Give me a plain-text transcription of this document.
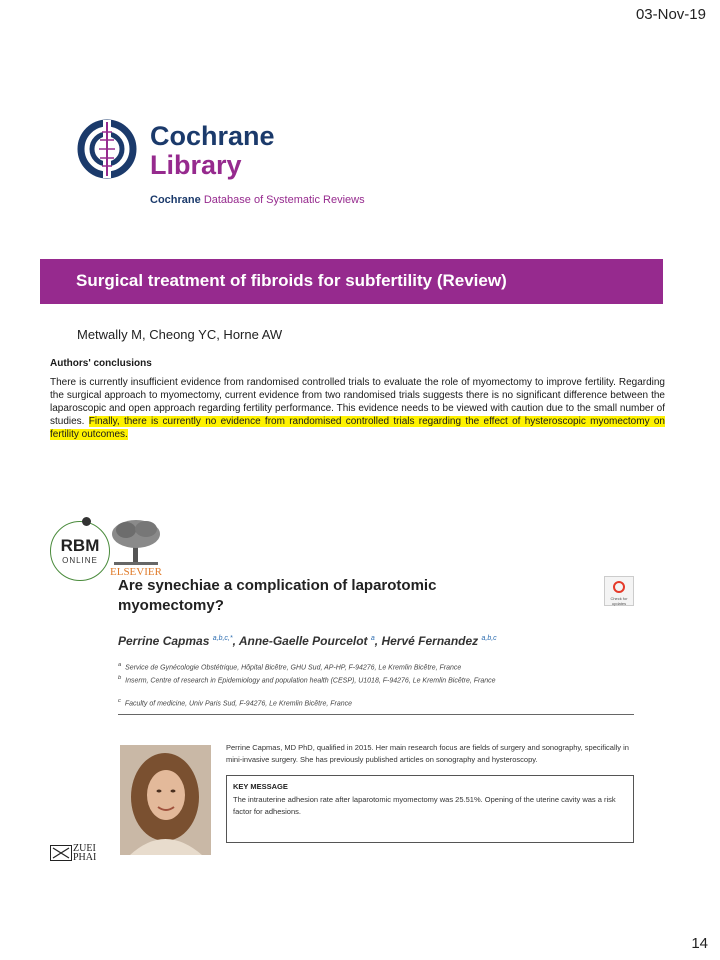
03-Nov-19
Cochrane
Library
Cochrane Database of Systematic Reviews
Surgical treatment of fibroids for subfertility (Review)
Metwally M, Cheong YC, Horne AW
Authors' conclusions
There is currently insufficient evidence from randomised controlled trials to evaluate the role of myomectomy to improve fertility. Regarding the surgical approach to myomectomy, current evidence from two randomised trials suggests there is no significant difference between the laparoscopic and open approach regarding fertility performance. This evidence needs to be viewed with caution due to the small number of studies. Finally, there is currently no evidence from randomised controlled trials regarding the effect of hysteroscopic myomectomy on fertility outcomes.
RBM
ONLINE
ELSEVIER
Are synechiae a complication of laparotomic
myomectomy?	Check for updates
Perrine Capmas $^{a,b,c,*}$, Anne-Gaelle Pourcelot $^a$, Hervé Fernandez $^{a,b,c}$
$^a$ Service de Gynécologie Obstétrique, Hôpital Bicêtre, GHU Sud, AP-HP, F-94276, Le Kremlin Bicêtre, France
$^b$ Inserm, Centre of research in Epidemiology and population health (CESP), U1018, F-94276, Le Kremlin Bicêtre, France
$^c$ Faculty of medicine, Univ Paris Sud, F-94276, Le Kremlin Bicêtre, France
Perrine Capmas, MD PhD, qualified in 2015. Her main research focus are fields of surgery and sonography, specifically in mini-invasive surgery. She has previously published articles on sonography and hysteroscopy.
KEY MESSAGE
The intrauterine adhesion rate after laparotomic myomectomy was 25.51%. Opening of the uterine cavity was a risk factor for adhesions.
ZUEI
PHAI
14
